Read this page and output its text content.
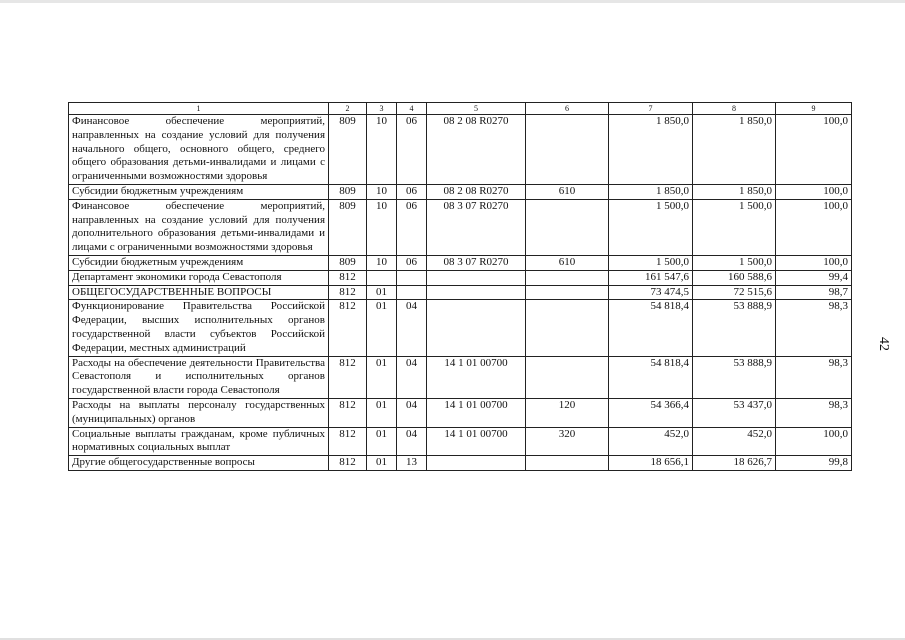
1	2	3	4	5	6	7	8	9
Финансовое обеспечение мероприятий, направленных на создание условий для получения начального общего, основного общего, среднего общего образования детьми-инвалидами и лицами с ограниченными возможностями здоровья	809	10	06	08 2 08 R0270		1 850,0	1 850,0	100,0
Субсидии бюджетным учреждениям	809	10	06	08 2 08 R0270	610	1 850,0	1 850,0	100,0
Финансовое обеспечение мероприятий, направленных на создание условий для получения дополнительного образования детьми-инвалидами и лицами с ограниченными возможностями здоровья	809	10	06	08 3 07 R0270		1 500,0	1 500,0	100,0
Субсидии бюджетным учреждениям	809	10	06	08 3 07 R0270	610	1 500,0	1 500,0	100,0
Департамент экономики города Севастополя	812					161 547,6	160 588,6	99,4
ОБЩЕГОСУДАРСТВЕННЫЕ ВОПРОСЫ	812	01				73 474,5	72 515,6	98,7
Функционирование Правительства Российской Федерации, высших исполнительных органов государственной власти субъектов Российской Федерации, местных администраций	812	01	04			54 818,4	53 888,9	98,3
Расходы на обеспечение деятельности Правительства Севастополя и исполнительных органов государственной власти города Севастополя	812	01	04	14 1 01 00700		54 818,4	53 888,9	98,3
Расходы на выплаты персоналу государственных (муниципальных) органов	812	01	04	14 1 01 00700	120	54 366,4	53 437,0	98,3
Социальные выплаты гражданам, кроме публичных нормативных социальных выплат	812	01	04	14 1 01 00700	320	452,0	452,0	100,0
Другие общегосударственные вопросы	812	01	13			18 656,1	18 626,7	99,8
42
